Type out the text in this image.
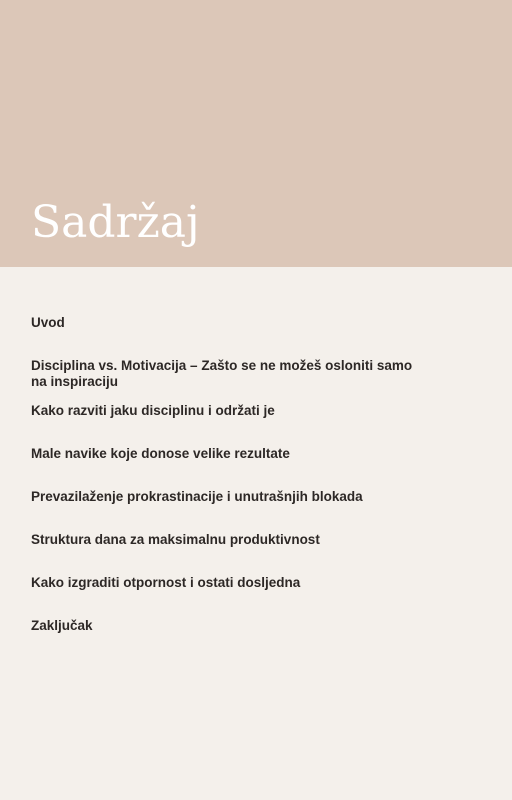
Sadržaj
Uvod
Disciplina vs. Motivacija – Zašto se ne možeš osloniti samo na inspiraciju
Kako razviti jaku disciplinu i održati je
Male navike koje donose velike rezultate
Prevazilaženje prokrastinacije i unutrašnjih blokada
Struktura dana za maksimalnu produktivnost
Kako izgraditi otpornost i ostati dosljedna
Zaključak
